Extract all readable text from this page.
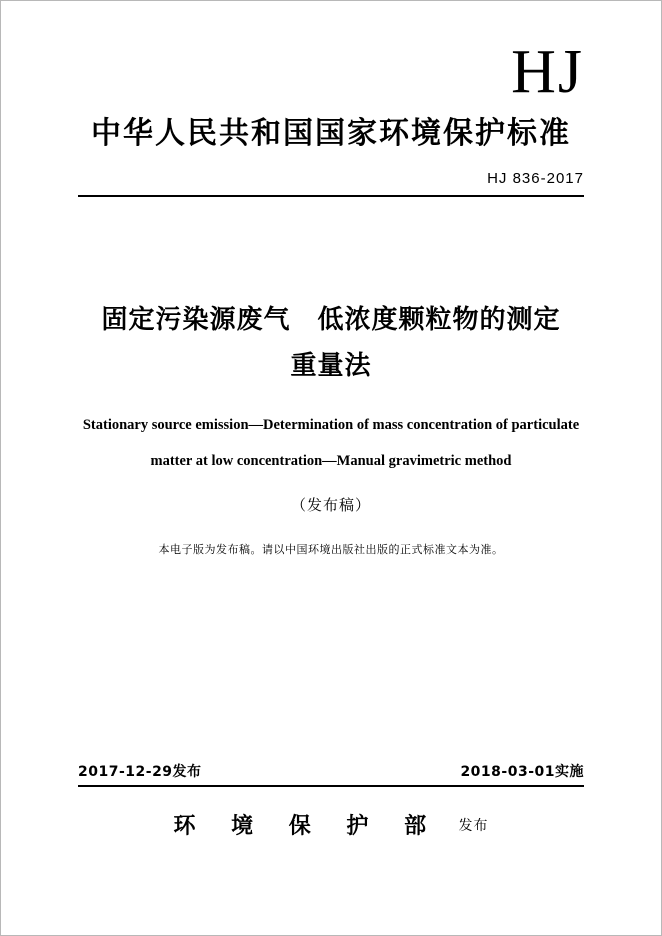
HJ
中华人民共和国国家环境保护标准
HJ 836-2017
固定污染源废气　低浓度颗粒物的测定
重量法
Stationary source emission—Determination of mass concentration of particulate
matter at low concentration—Manual gravimetric method
（发布稿）
本电子版为发布稿。请以中国环境出版社出版的正式标准文本为准。
2017-12-29发布	2018-03-01实施
环 境 保 护 部 发布
